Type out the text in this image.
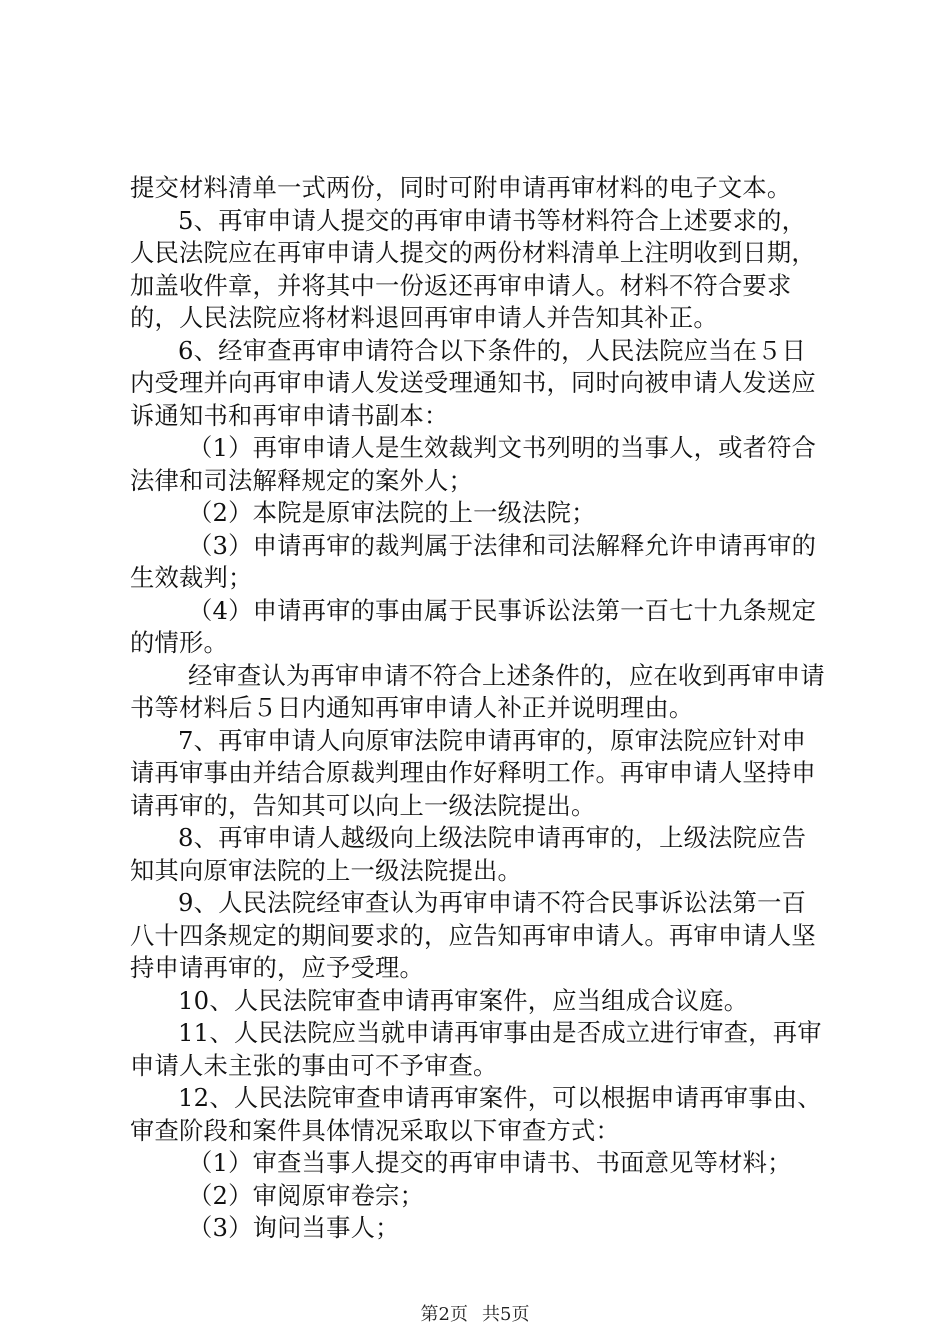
提交材料清单一式两份，同时可附申请再审材料的电子文本。

5、再审申请人提交的再审申请书等材料符合上述要求的，人民法院应在再审申请人提交的两份材料清单上注明收到日期，加盖收件章，并将其中一份返还再审申请人。材料不符合要求的，人民法院应将材料退回再审申请人并告知其补正。

6、经审查再审申请符合以下条件的，人民法院应当在５日内受理并向再审申请人发送受理通知书，同时向被申请人发送应诉通知书和再审申请书副本：

（1）再审申请人是生效裁判文书列明的当事人，或者符合法律和司法解释规定的案外人；

（2）本院是原审法院的上一级法院；

（3）申请再审的裁判属于法律和司法解释允许申请再审的生效裁判；

（4）申请再审的事由属于民事诉讼法第一百七十九条规定的情形。

经审查认为再审申请不符合上述条件的，应在收到再审申请书等材料后５日内通知再审申请人补正并说明理由。

7、再审申请人向原审法院申请再审的，原审法院应针对申请再审事由并结合原裁判理由作好释明工作。再审申请人坚持申请再审的，告知其可以向上一级法院提出。

8、再审申请人越级向上级法院申请再审的，上级法院应告知其向原审法院的上一级法院提出。

9、人民法院经审查认为再审申请不符合民事诉讼法第一百八十四条规定的期间要求的，应告知再审申请人。再审申请人坚持申请再审的，应予受理。

10、人民法院审查申请再审案件，应当组成合议庭。

11、人民法院应当就申请再审事由是否成立进行审查，再审申请人未主张的事由可不予审查。

12、人民法院审查申请再审案件，可以根据申请再审事由、审查阶段和案件具体情况采取以下审查方式：

（1）审查当事人提交的再审申请书、书面意见等材料；

（2）审阅原审卷宗；

（3）询问当事人；

第2页 共5页
